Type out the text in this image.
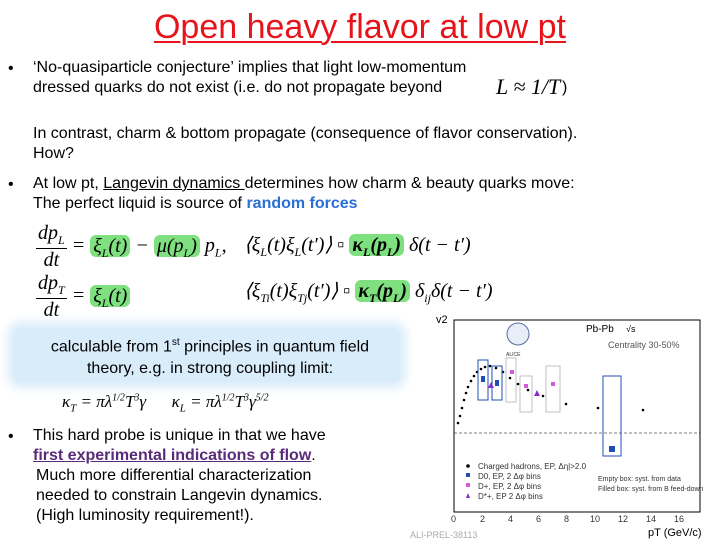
Open heavy flavor at low pt
• ‘No-quasiparticle conjecture’ implies that light low-momentum
dressed quarks do not exist (i.e. do not propagate beyond	L ≈ 1/T )
In contrast, charm & bottom propagate (consequence of flavor conservation).
How?
• At low pt, Langevin dynamics determines how charm & beauty quarks move:
The perfect liquid is source of random forces
$\frac{dp_L}{dt} = \xi_L(t) - \mu(p_L)$ $p_L$,
$\frac{dp_T}{dt} = \xi_L(t)$
$⟨\xi_L(t)\xi_L(t')⟩$ ▫ $\kappa_L(p_L) \delta(t - t')$
$⟨\xi_{Ti}(t)\xi_{Tj}(t')⟩$ ▫ $\kappa_T(p_L) \delta_{ij}\delta(t - t')$
calculable from 1st principles in quantum field
theory, e.g. in strong coupling limit:
$\kappa_T = \pi\lambda^{1/2}T^3\gamma$      $\kappa_L = \pi\lambda^{1/2}T^3\gamma^{5/2}$
• This hard probe is unique in that we have
first experimental indications of flow.
Much more differential characterization
needed to constrain Langevin dynamics.
(High luminosity requirement!).
ALICE
Pb-Pb √s
Centrality 30-50%
0	2	4	6	8 10 12 14 16
Charged hadrons, EP, Δη|>2.0
D0, EP, 2 Δφ bins
D+, EP, 2 Δφ bins
D*+, EP 2 Δφ bins
Empty box: syst. from data
Filled box: syst. from B feed-down
v2
pT (GeV/c)
ALI-PREL-38113
